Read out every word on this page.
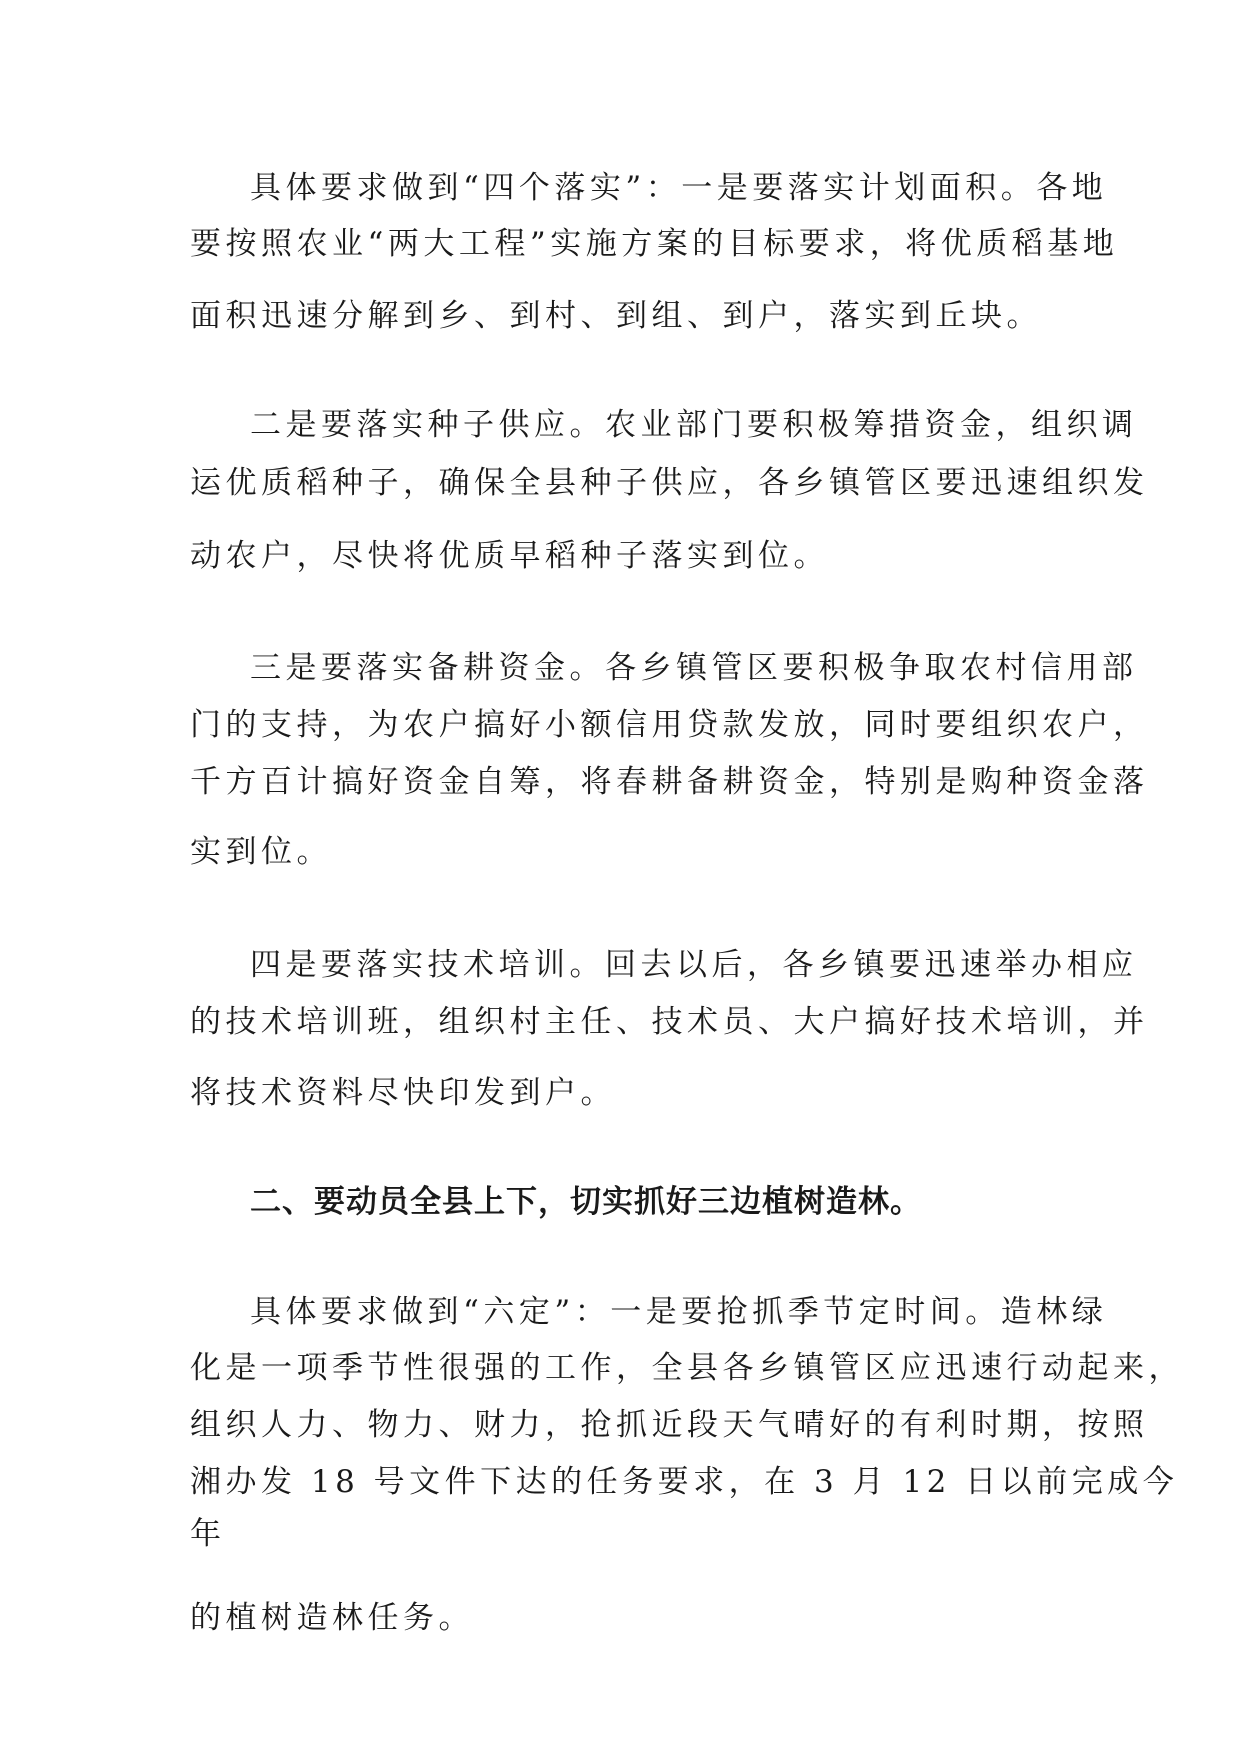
具体要求做到“四个落实”：一是要落实计划面积。各地
要按照农业“两大工程”实施方案的目标要求，将优质稻基地
面积迅速分解到乡、到村、到组、到户，落实到丘块。
二是要落实种子供应。农业部门要积极筹措资金，组织调
运优质稻种子，确保全县种子供应，各乡镇管区要迅速组织发
动农户，尽快将优质早稻种子落实到位。
三是要落实备耕资金。各乡镇管区要积极争取农村信用部
门的支持，为农户搞好小额信用贷款发放，同时要组织农户，
千方百计搞好资金自筹，将春耕备耕资金，特别是购种资金落
实到位。
四是要落实技术培训。回去以后，各乡镇要迅速举办相应
的技术培训班，组织村主任、技术员、大户搞好技术培训，并
将技术资料尽快印发到户。
二、要动员全县上下，切实抓好三边植树造林。
具体要求做到“六定”：一是要抢抓季节定时间。造林绿
化是一项季节性很强的工作，全县各乡镇管区应迅速行动起来，
组织人力、物力、财力，抢抓近段天气晴好的有利时期，按照
湘办发 18 号文件下达的任务要求，在 3 月 12 日以前完成今
年
的植树造林任务。
